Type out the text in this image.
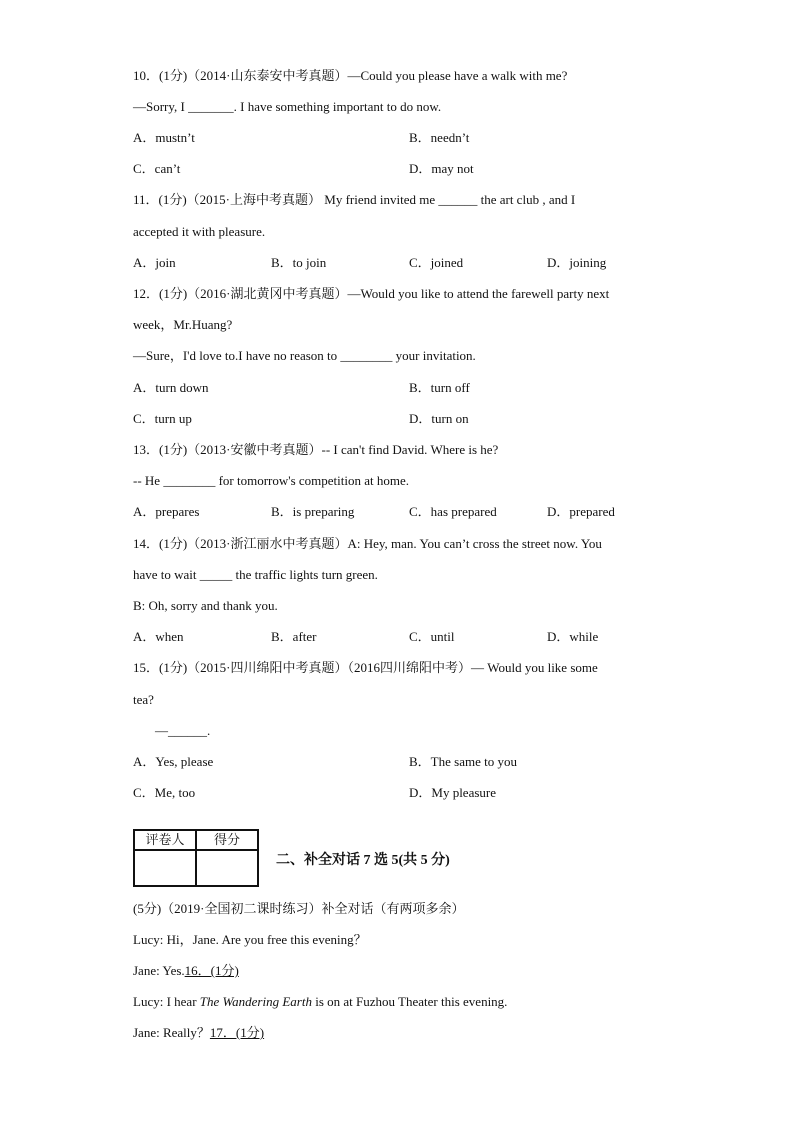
10．(1分)（2014·山东泰安中考真题）—Could you please have a walk with me?
—Sorry, I _______. I have something important to do now.
A．mustn’t	B．needn’t
C．can’t	D．may not
11．(1分)（2015·上海中考真题） My friend invited me ______ the art club , and I
accepted it with pleasure.
A．join	B．to join	C．joined	D．joining
12．(1分)（2016·湖北黄冈中考真题）—Would you like to attend the farewell party next
week，Mr.Huang?
—Sure，I'd love to.I have no reason to ________ your invitation.
A．turn down	B．turn off
C．turn up	D．turn on
13．(1分)（2013·安徽中考真题）-- I can't find David. Where is he?
-- He ________ for tomorrow's competition at home.
A．prepares	B．is preparing	C．has prepared	D．prepared
14．(1分)（2013·浙江丽水中考真题）A: Hey, man. You can’t cross the street now. You
have to wait _____ the traffic lights turn green.
B: Oh, sorry and thank you.
A．when	B．after	C．until	D．while
15．(1分)（2015·四川绵阳中考真题）（2016四川绵阳中考）— Would you like some
tea?
—______.
A．Yes, please	B．The same to you
C．Me, too	D．My pleasure
评卷人	得分

二、补全对话 7 选 5(共 5 分)
(5分)（2019·全国初二课时练习）补全对话（有两项多余）
Lucy: Hi，Jane. Are you free this evening？
Jane: Yes.16．(1分)
Lucy: I hear The Wandering Earth is on at Fuzhou Theater this evening.
Jane: Really？17．(1分)
